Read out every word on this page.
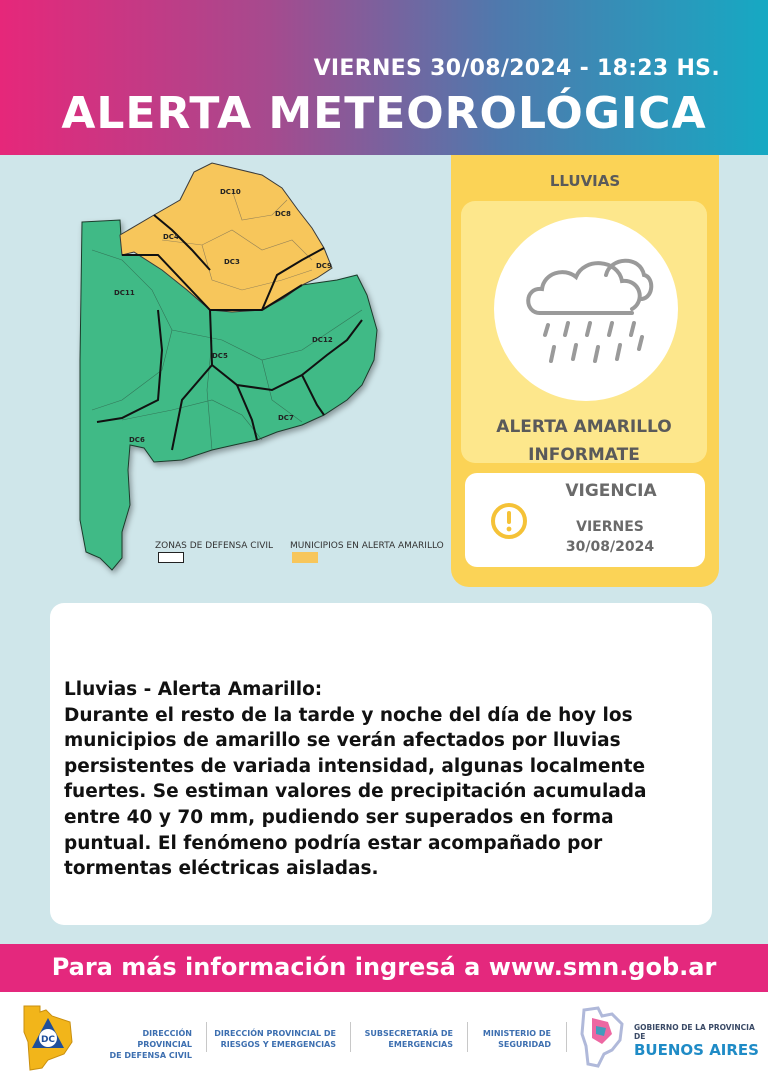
VIERNES 30/08/2024 - 18:23 HS.
ALERTA METEOROLÓGICA
DC10
DC8
DC4
DC3	DC9
DC11
DC12
DC5
DC7
DC6
ZONAS DE DEFENSA CIVIL MUNICIPIOS EN ALERTA AMARILLO
LLUVIAS
ALERTA AMARILLO
INFORMATE
VIGENCIA
VIERNES
30/08/2024
Lluvias - Alerta Amarillo:
Durante el resto de la tarde y noche del día de hoy los municipios de amarillo se verán afectados por lluvias persistentes de variada intensidad, algunas localmente fuertes. Se estiman valores de precipitación acumulada entre 40 y 70 mm, pudiendo ser superados en forma puntual. El fenómeno podría estar acompañado por tormentas eléctricas aisladas.
Para más información ingresá a www.smn.gob.ar
DC
DIRECCIÓN PROVINCIAL
DE DEFENSA CIVIL
DIRECCIÓN PROVINCIAL DE
RIESGOS Y EMERGENCIAS
SUBSECRETARÍA DE
EMERGENCIAS
MINISTERIO DE
SEGURIDAD
GOBIERNO DE LA PROVINCIA DE
BUENOS AIRES
